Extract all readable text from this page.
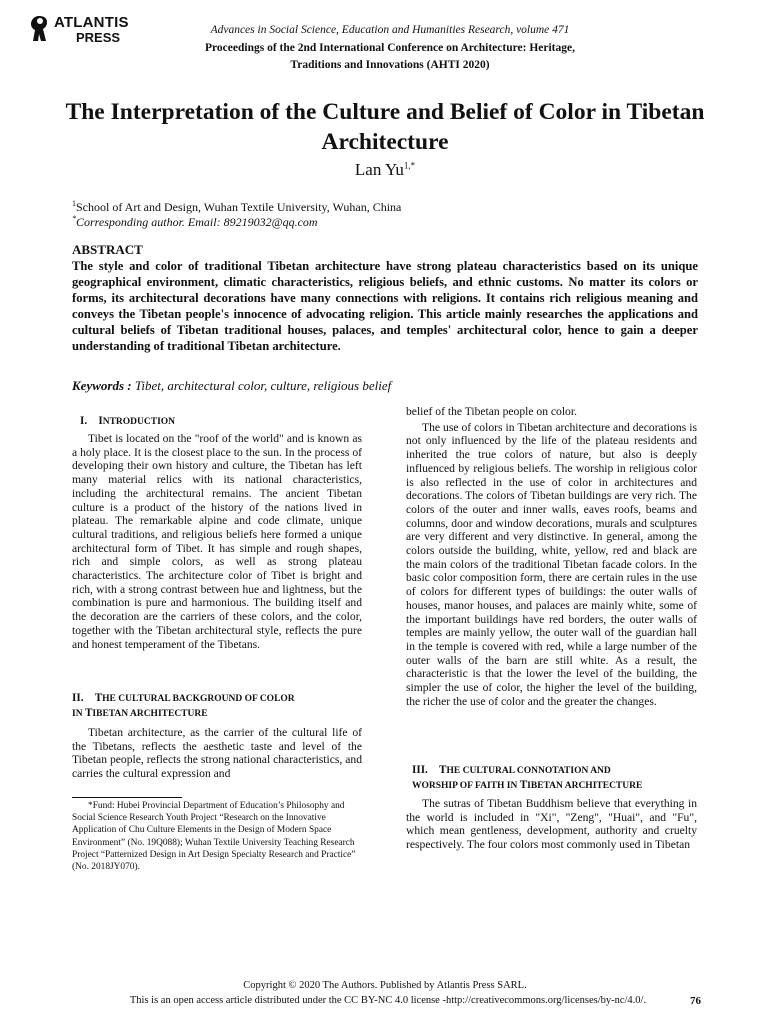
ATLANTIS
PRESS	Advances in Social Science, Education and Humanities Research, volume 471
Proceedings of the 2nd International Conference on Architecture: Heritage,
Traditions and Innovations (AHTI 2020)
The Interpretation of the Culture and Belief of Color in Tibetan Architecture
Lan $Yu^{1,*}$
$^1$School of Art and Design, Wuhan Textile University, Wuhan, China
*Corresponding author. Email: 89219032@qq.com
ABSTRACT
The style and color of traditional Tibetan architecture have strong plateau characteristics based on its unique geographical environment, climatic characteristics, religious beliefs, and ethnic customs. No matter its colors or forms, its architectural decorations have many connections with religions. It contains rich religious meaning and conveys the Tibetan people's innocence of advocating religion. This article mainly researches the applications and cultural beliefs of Tibetan traditional houses, palaces, and temples' architectural color, hence to gain a deeper understanding of traditional Tibetan architecture.
Keywords : Tibet, architectural color, culture, religious belief
I. INTRODUCTION

Tibet is located on the "roof of the world" and is known as a holy place. It is the closest place to the sun. In the process of developing their own history and culture, the Tibetan has left many material relics with its national characteristics, including the architectural remains. The ancient Tibetan culture is a product of the history of the nations lived in plateau. The remarkable alpine and code climate, unique cultural traditions, and religious beliefs here formed a unique architectural form of Tibet. It has simple and rough shapes, rich and simple colors, as well as strong plateau characteristics. The architecture color of Tibet is bright and rich, with a strong contrast between hue and lightness, but the combination is pure and harmonious. The building itself and the decoration are the carriers of these colors, and the color, together with the Tibetan architectural style, reflects the pure and honest temperament of the Tibetans.

II. THE CULTURAL BACKGROUND OF COLOR
IN TIBETAN ARCHITECTURE

Tibetan architecture, as the carrier of the cultural life of the Tibetans, reflects the aesthetic taste and level of the Tibetan people, reflects the strong national characteristics, and carries the cultural expression and

*Fund: Hubei Provincial Department of Education’s Philosophy and Social Science Research Youth Project “Research on the Innovative Application of Chu Culture Elements in the Design of Modern Space Environment” (No. 19Q088); Wuhan Textile University Teaching Research Project “Patternized Design in Art Design Specialty Research and Practice” (No. 2018JY070).

belief of the Tibetan people on color.

The use of colors in Tibetan architecture and decorations is not only influenced by the life of the plateau residents and inherited the true colors of nature, but also is deeply influenced by religious beliefs. The worship in religious color is also reflected in the use of color in architectures and decorations. The colors of Tibetan buildings are very rich. The colors of the outer and inner walls, eaves roofs, beams and columns, door and window decorations, murals and sculptures are very different and very distinctive. In general, among the colors outside the building, white, yellow, red and black are the main colors of the traditional Tibetan facade colors. In the basic color composition form, there are certain rules in the use of colors for different types of buildings: the outer walls of houses, manor houses, and palaces are mainly white, some of the important buildings have red borders, the outer walls of temples are mainly yellow, the outer wall of the guardian hall in the temple is covered with red, while a large number of the outer walls of the barn are still white. As a result, the characteristic is that the lower the level of the building, the simpler the use of color, the higher the level of the building, the richer the use of color and the greater the changes.

III. THE CULTURAL CONNOTATION AND
WORSHIP OF FAITH IN TIBETAN ARCHITECTURE

The sutras of Tibetan Buddhism believe that everything in the world is included in "Xi", "Zeng", "Huai", and "Fu", which mean gentleness, development, authority and cruelty respectively. The four colors most commonly used in Tibetan

Copyright © 2020 The Authors. Published by Atlantis Press SARL.
This is an open access article distributed under the CC BY-NC 4.0 license -http://creativecommons.org/licenses/by-nc/4.0/.	76
